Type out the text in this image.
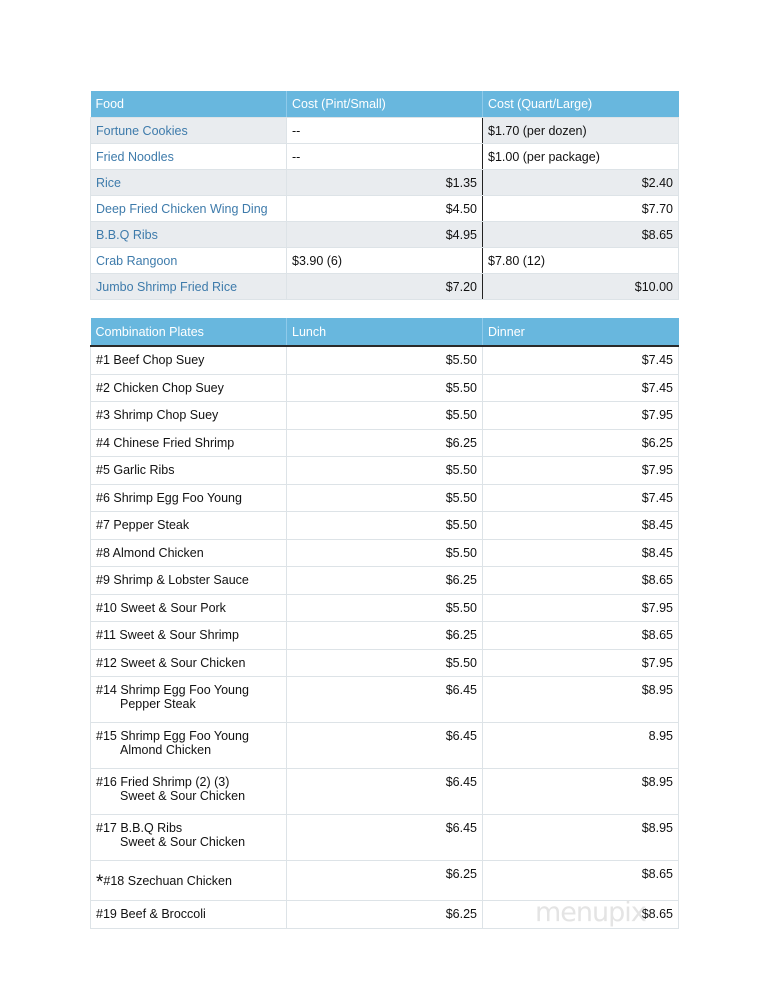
Food	Cost (Pint/Small)	Cost (Quart/Large)
Fortune Cookies	--	$1.70 (per dozen)
Fried Noodles	--	$1.00 (per package)
Rice	$1.35	$2.40
Deep Fried Chicken Wing Ding	$4.50	$7.70
B.B.Q Ribs	$4.95	$8.65
Crab Rangoon	$3.90 (6)	$7.80 (12)
Jumbo Shrimp Fried Rice	$7.20	$10.00
Combination Plates	Lunch	Dinner
#1 Beef Chop Suey	$5.50	$7.45
#2 Chicken Chop Suey	$5.50	$7.45
#3 Shrimp Chop Suey	$5.50	$7.95
#4 Chinese Fried Shrimp	$6.25	$6.25
#5 Garlic Ribs	$5.50	$7.95
#6 Shrimp Egg Foo Young	$5.50	$7.45
#7 Pepper Steak	$5.50	$8.45
#8 Almond Chicken	$5.50	$8.45
#9 Shrimp & Lobster Sauce	$6.25	$8.65
#10 Sweet & Sour Pork	$5.50	$7.95
#11 Sweet & Sour Shrimp	$6.25	$8.65
#12 Sweet & Sour Chicken	$5.50	$7.95
#14 Shrimp Egg Foo Young
Pepper Steak	$6.45	$8.95
#15 Shrimp Egg Foo Young
Almond Chicken	$6.45	8.95
#16 Fried Shrimp (2) (3)
Sweet & Sour Chicken	$6.45	$8.95
#17 B.B.Q Ribs
Sweet & Sour Chicken	$6.45	$8.95
*#18 Szechuan Chicken	$6.25	$8.65
#19 Beef & Broccoli	$6.25	$8.65
menupix
